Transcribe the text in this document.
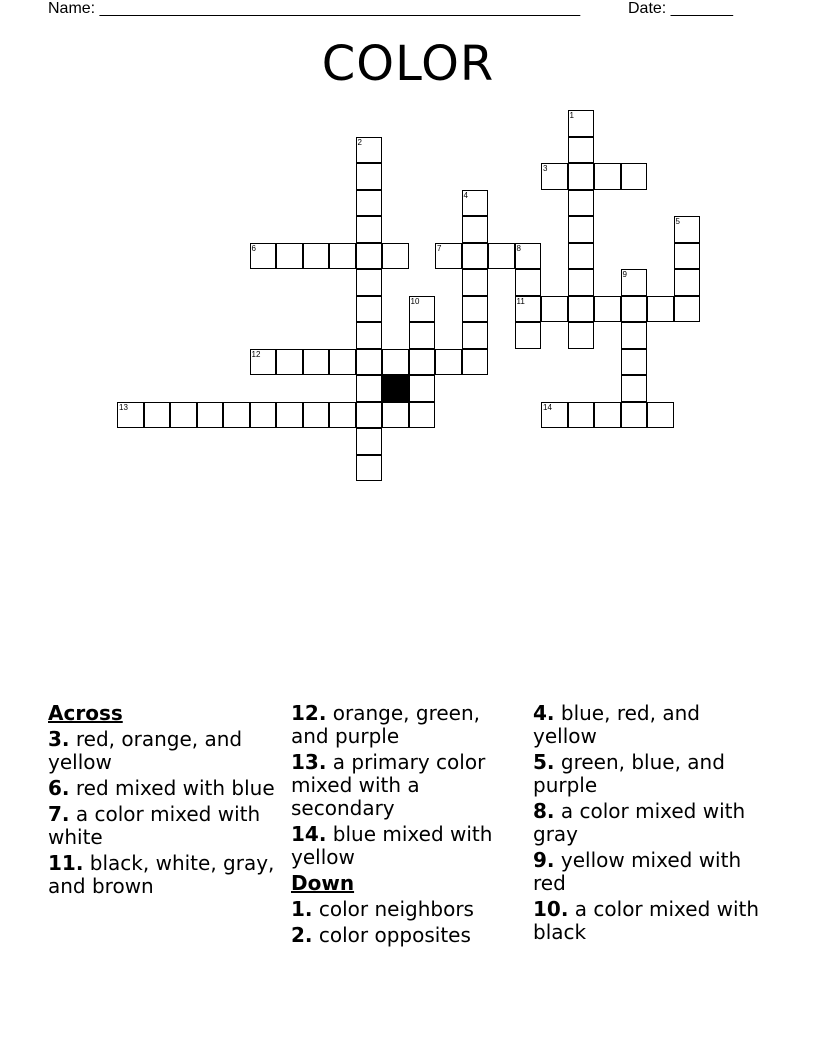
Name: ______________________________________________________	Date: _______
COLOR
1
2
3
4
5
6	7	8
9
10	11
12
13	14
Across
3. red, orange, and yellow
6. red mixed with blue
7. a color mixed with white
11. black, white, gray, and brown
12. orange, green, and purple
13. a primary color mixed with a secondary
14. blue mixed with yellow
Down
1. color neighbors
2. color opposites
4. blue, red, and yellow
5. green, blue, and purple
8. a color mixed with gray
9. yellow mixed with red
10. a color mixed with black
